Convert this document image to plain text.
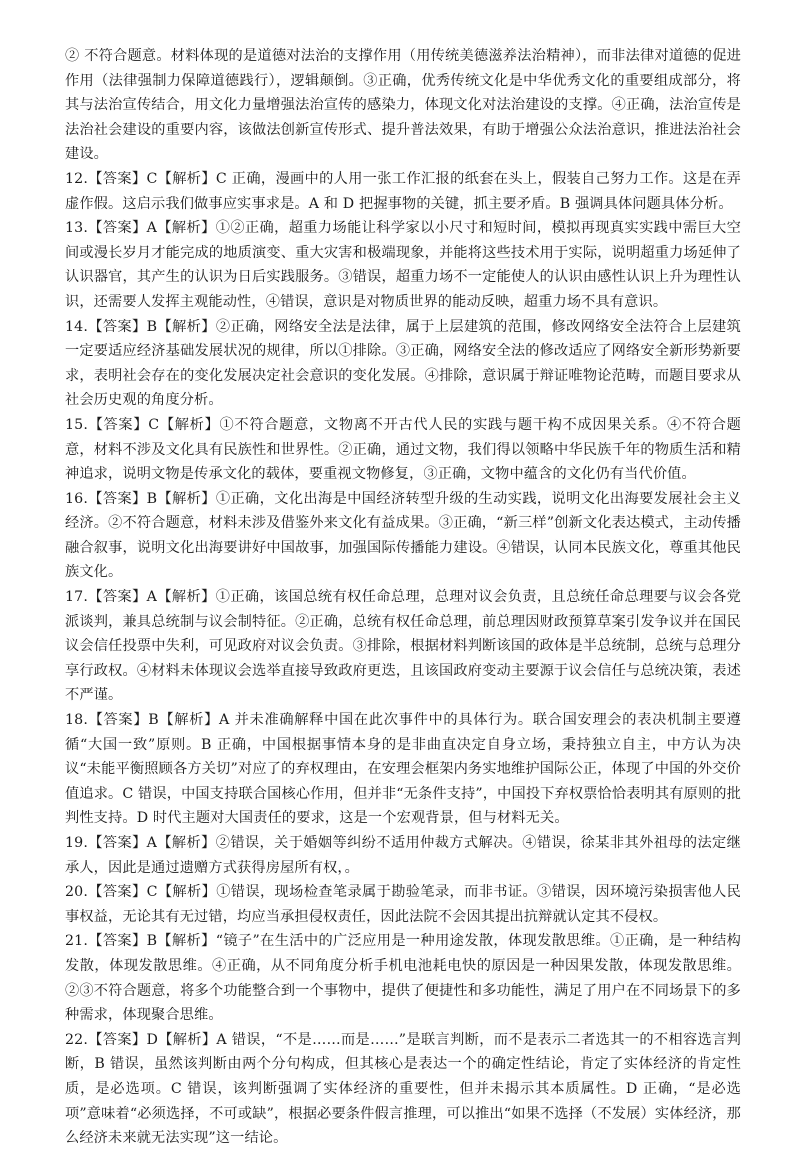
② 不符合题意。材料体现的是道德对法治的支撑作用（用传统美德滋养法治精神），而非法律对道德的促进作用（法律强制力保障道德践行），逻辑颠倒。③正确，优秀传统文化是中华优秀文化的重要组成部分，将其与法治宣传结合，用文化力量增强法治宣传的感染力，体现文化对法治建设的支撑。④正确，法治宣传是法治社会建设的重要内容，该做法创新宣传形式、提升普法效果，有助于增强公众法治意识，推进法治社会建设。

12.【答案】C【解析】C 正确，漫画中的人用一张工作汇报的纸套在头上，假装自己努力工作。这是在弄虚作假。这启示我们做事应实事求是。A 和 D 把握事物的关键，抓主要矛盾。B 强调具体问题具体分析。

13.【答案】A【解析】①②正确，超重力场能让科学家以小尺寸和短时间，模拟再现真实实践中需巨大空间或漫长岁月才能完成的地质演变、重大灾害和极端现象，并能将这些技术用于实际，说明超重力场延伸了认识器官，其产生的认识为日后实践服务。③错误，超重力场不一定能使人的认识由感性认识上升为理性认识，还需要人发挥主观能动性，④错误，意识是对物质世界的能动反映，超重力场不具有意识。

14.【答案】B【解析】②正确，网络安全法是法律，属于上层建筑的范围，修改网络安全法符合上层建筑一定要适应经济基础发展状况的规律，所以①排除。③正确，网络安全法的修改适应了网络安全新形势新要求，表明社会存在的变化发展决定社会意识的变化发展。④排除，意识属于辩证唯物论范畴，而题目要求从社会历史观的角度分析。

15.【答案】C【解析】①不符合题意，文物离不开古代人民的实践与题干构不成因果关系。④不符合题意，材料不涉及文化具有民族性和世界性。②正确，通过文物，我们得以领略中华民族千年的物质生活和精神追求，说明文物是传承文化的载体，要重视文物修复，③正确，文物中蕴含的文化仍有当代价值。

16.【答案】B【解析】①正确，文化出海是中国经济转型升级的生动实践，说明文化出海要发展社会主义经济。②不符合题意，材料未涉及借鉴外来文化有益成果。③正确，“新三样”创新文化表达模式，主动传播融合叙事，说明文化出海要讲好中国故事，加强国际传播能力建设。④错误，认同本民族文化，尊重其他民族文化。

17.【答案】A【解析】①正确，该国总统有权任命总理，总理对议会负责，且总统任命总理要与议会各党派谈判，兼具总统制与议会制特征。②正确，总统有权任命总理，前总理因财政预算草案引发争议并在国民议会信任投票中失利，可见政府对议会负责。③排除，根据材料判断该国的政体是半总统制，总统与总理分享行政权。④材料未体现议会选举直接导致政府更迭，且该国政府变动主要源于议会信任与总统决策，表述不严谨。

18.【答案】B【解析】A 并未准确解释中国在此次事件中的具体行为。联合国安理会的表决机制主要遵循“大国一致”原则。B 正确，中国根据事情本身的是非曲直决定自身立场，秉持独立自主，中方认为决议“未能平衡照顾各方关切”对应了的弃权理由，在安理会框架内务实地维护国际公正，体现了中国的外交价值追求。C 错误，中国支持联合国核心作用，但并非“无条件支持”，中国投下弃权票恰恰表明其有原则的批判性支持。D 时代主题对大国责任的要求，这是一个宏观背景，但与材料无关。

19.【答案】A【解析】②错误，关于婚姻等纠纷不适用仲裁方式解决。④错误，徐某非其外祖母的法定继承人，因此是通过遗赠方式获得房屋所有权，。

20.【答案】C【解析】①错误，现场检查笔录属于勘验笔录，而非书证。③错误，因环境污染损害他人民事权益，无论其有无过错，均应当承担侵权责任，因此法院不会因其提出抗辩就认定其不侵权。

21.【答案】B【解析】“镜子”在生活中的广泛应用是一种用途发散，体现发散思维。①正确，是一种结构发散，体现发散思维。④正确，从不同角度分析手机电池耗电快的原因是一种因果发散，体现发散思维。②③不符合题意，将多个功能整合到一个事物中，提供了便捷性和多功能性，满足了用户在不同场景下的多种需求，体现聚合思维。

22.【答案】D【解析】A 错误，“不是……而是……”是联言判断，而不是表示二者选其一的不相容选言判断，B 错误，虽然该判断由两个分句构成，但其核心是表达一个的确定性结论，肯定了实体经济的肯定性质，是必选项。C 错误，该判断强调了实体经济的重要性，但并未揭示其本质属性。D 正确，“是必选项”意味着“必须选择，不可或缺”，根据必要条件假言推理，可以推出“如果不选择（不发展）实体经济，那么经济未来就无法实现”这一结论。
